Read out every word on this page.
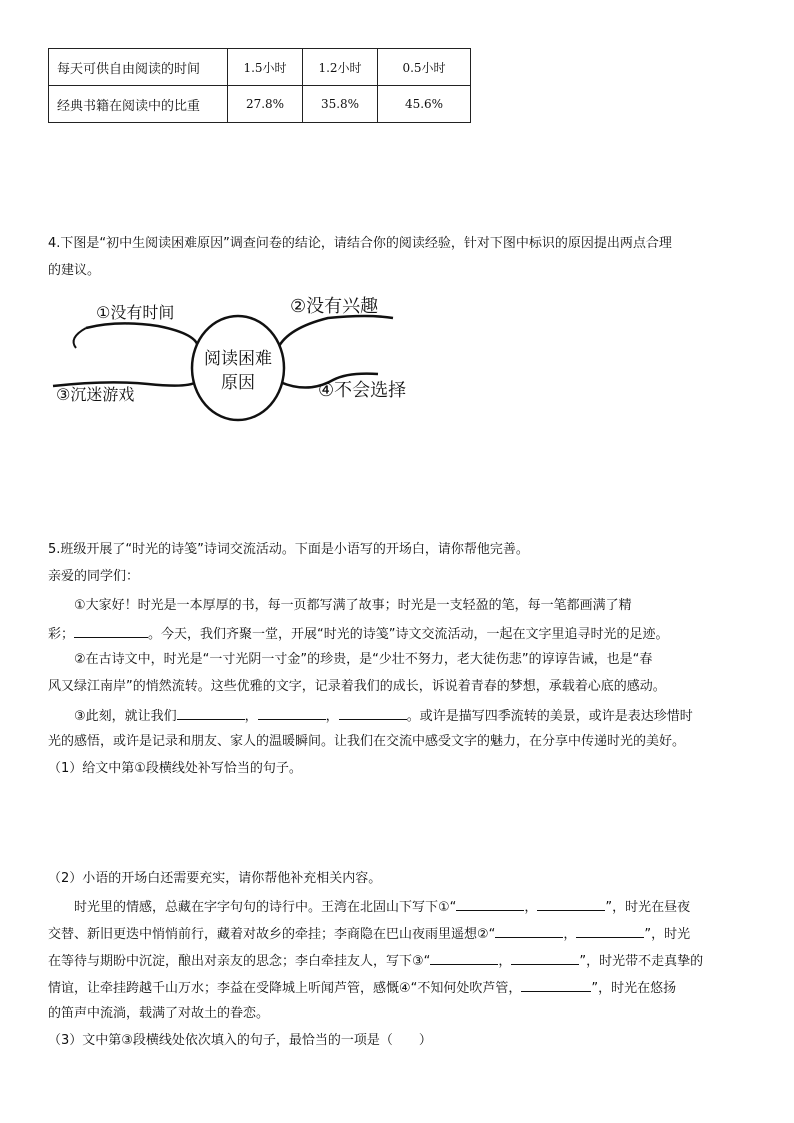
每天可供自由阅读的时间	1.5小时	1.2小时	0.5小时
经典书籍在阅读中的比重	27.8%	35.8%	45.6%
4.下图是“初中生阅读困难原因”调查问卷的结论，请结合你的阅读经验，针对下图中标识的原因提出两点合理
的建议。
阅读困难
原因
①没有时间	②没有兴趣
③沉迷游戏	④不会选择
5.班级开展了“时光的诗笺”诗词交流活动。下面是小语写的开场白，请你帮他完善。
亲爱的同学们：
①大家好！时光是一本厚厚的书，每一页都写满了故事；时光是一支轻盈的笔，每一笔都画满了精
彩；	。今天，我们齐聚一堂，开展“时光的诗笺”诗文交流活动，一起在文字里追寻时光的足迹。
②在古诗文中，时光是“一寸光阴一寸金”的珍贵，是“少壮不努力，老大徒伤悲”的谆谆告诫，也是“春
风又绿江南岸”的悄然流转。这些优雅的文字，记录着我们的成长，诉说着青春的梦想，承载着心底的感动。
③此刻，就让我们	，	，	。或许是描写四季流转的美景，或许是表达珍惜时
光的感悟，或许是记录和朋友、家人的温暖瞬间。让我们在交流中感受文字的魅力，在分享中传递时光的美好。
（1）给文中第①段横线处补写恰当的句子。
（2）小语的开场白还需要充实，请你帮他补充相关内容。
时光里的情感，总藏在字字句句的诗行中。王湾在北固山下写下①“	，	”，时光在昼夜
交替、新旧更迭中悄悄前行，藏着对故乡的牵挂；李商隐在巴山夜雨里遥想②“	，	”，时光
在等待与期盼中沉淀，酿出对亲友的思念；李白牵挂友人，写下③“	，	”，时光带不走真挚的
情谊，让牵挂跨越千山万水；李益在受降城上听闻芦管，感慨④“不知何处吹芦管，	”，时光在悠扬
的笛声中流淌，载满了对故土的眷恋。
（3）文中第③段横线处依次填入的句子，最恰当的一项是（　　）
